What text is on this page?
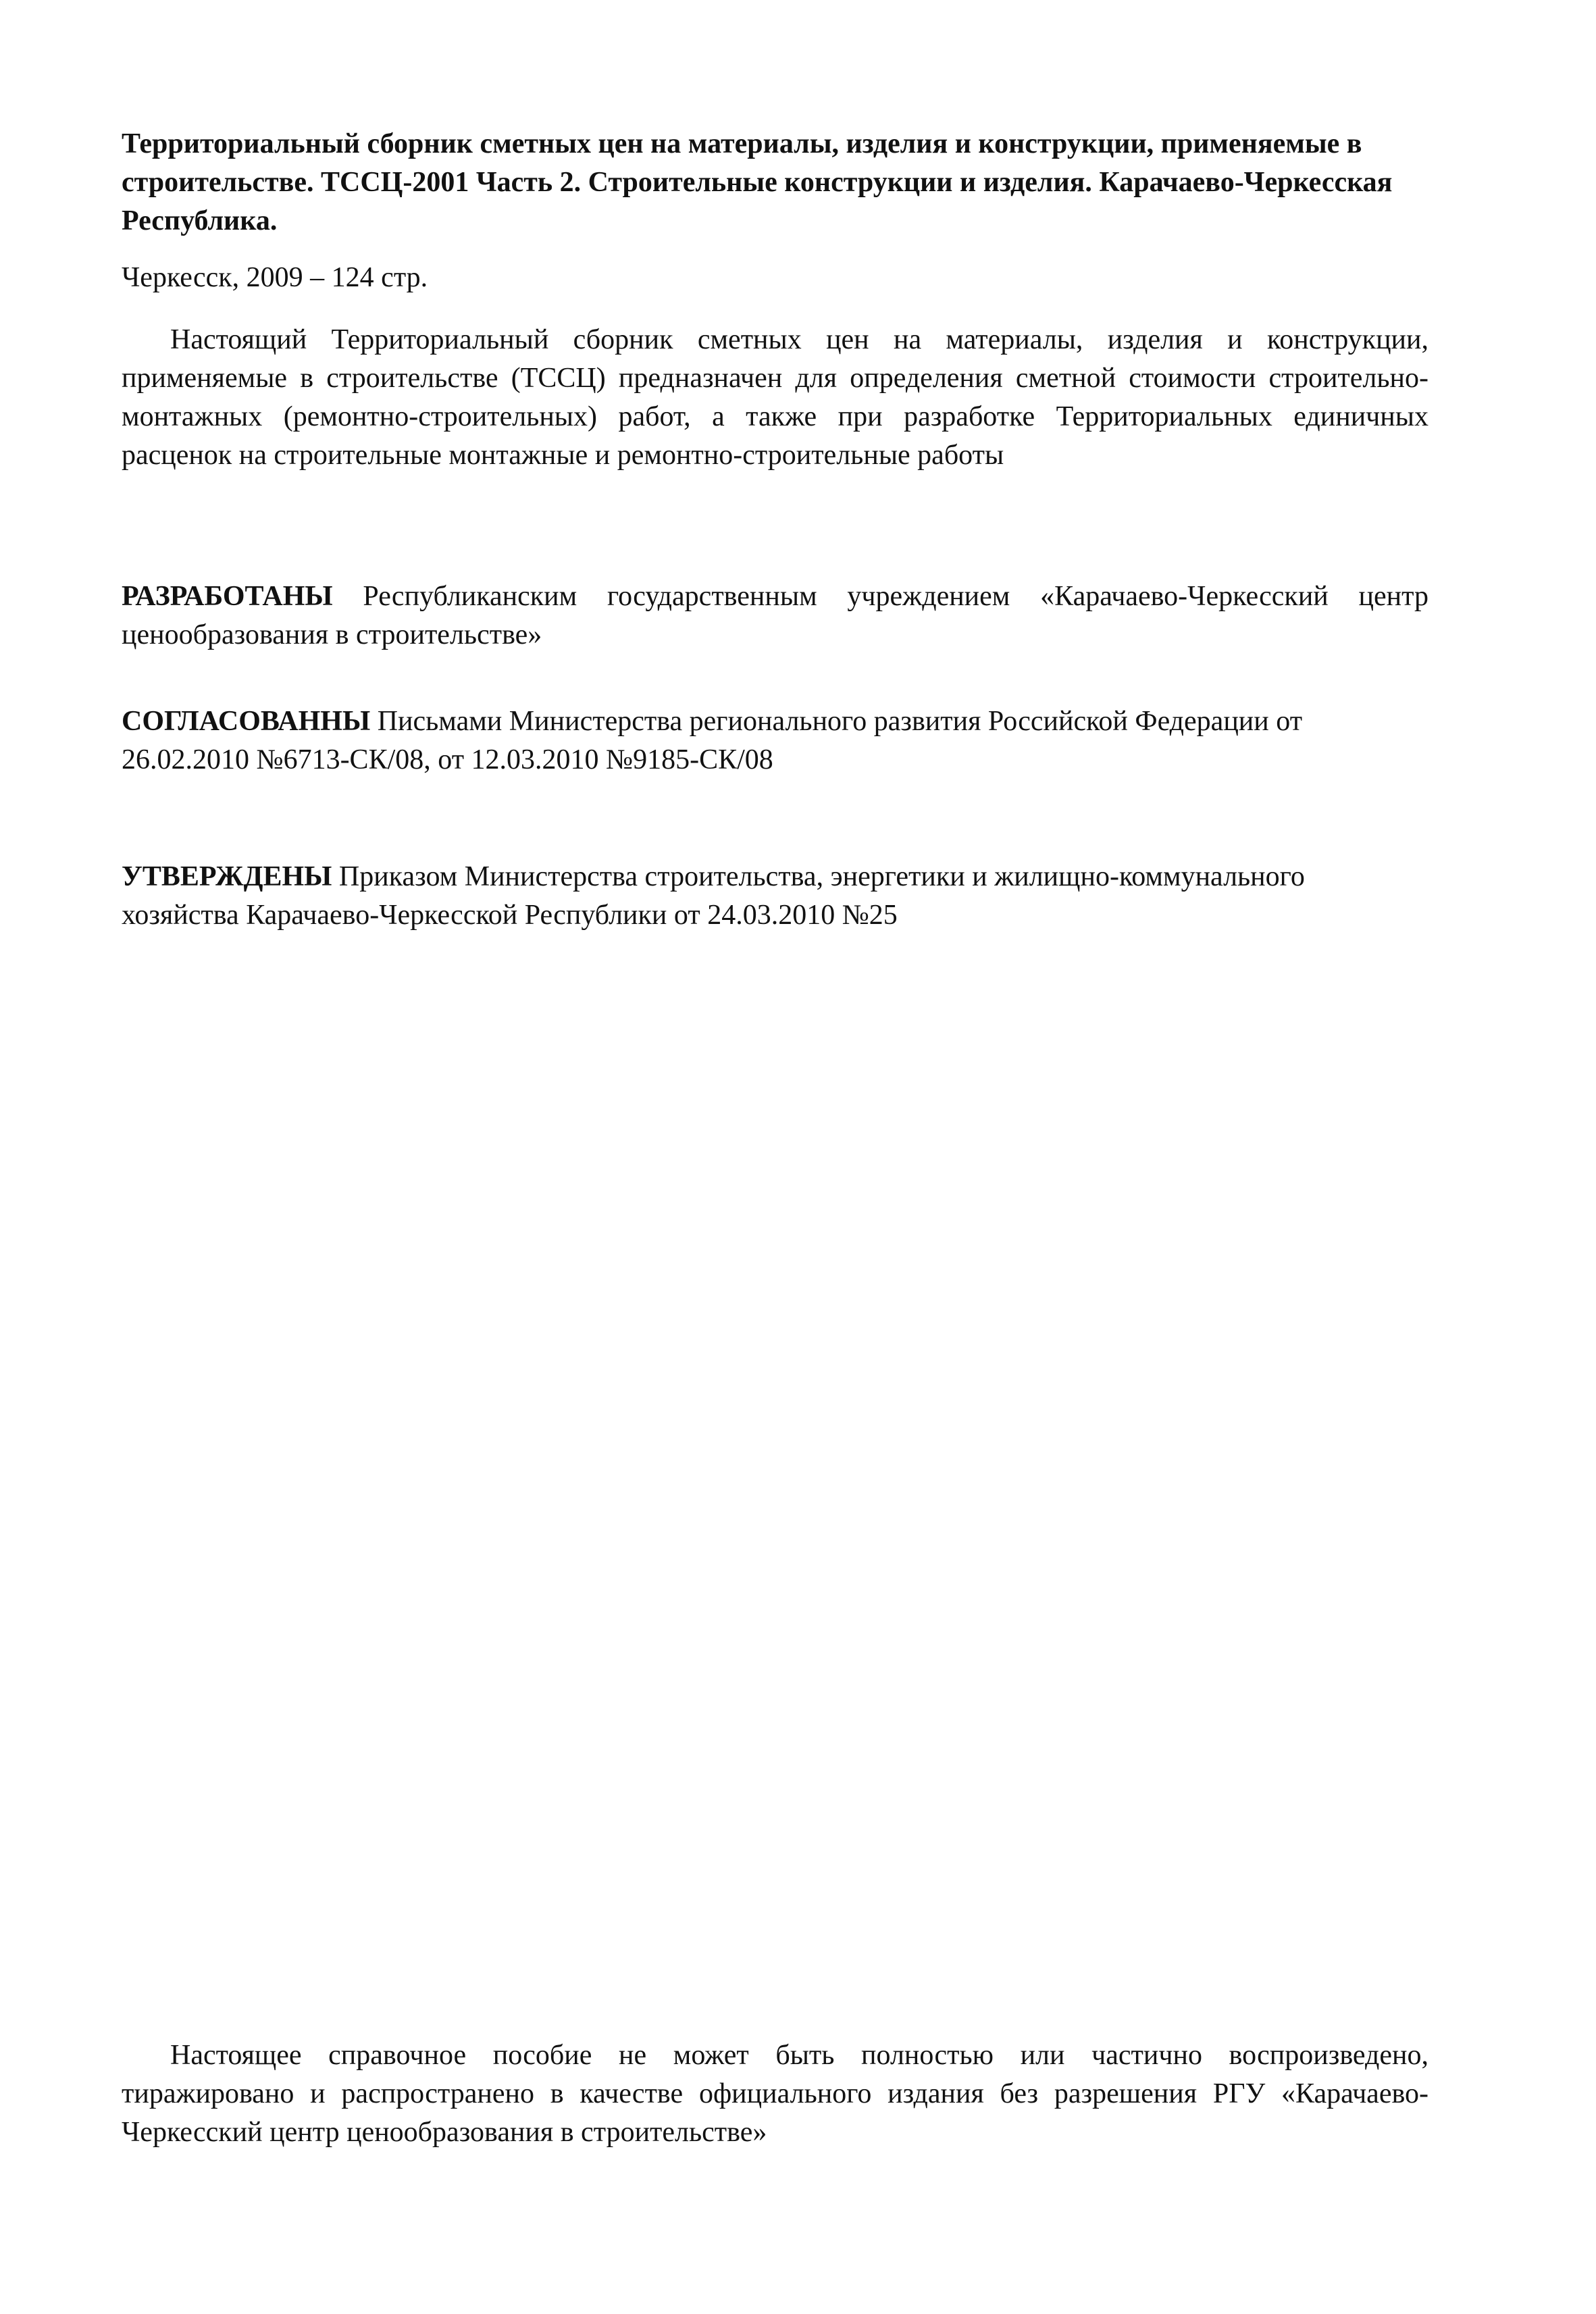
Территориальный сборник сметных цен на материалы, изделия и конструкции, применяемые в строительстве. ТССЦ-2001 Часть 2. Строительные конструкции и изделия. Карачаево-Черкесская Республика.

Черкесск, 2009 – 124 стр.

Настоящий Территориальный сборник сметных цен на материалы, изделия и конструкции, применяемые в строительстве (ТССЦ) предназначен для определения сметной стоимости строительно-монтажных (ремонтно-строительных) работ, а также при разработке Территориальных единичных расценок на строительные монтажные и ремонтно-строительные работы

РАЗРАБОТАНЫ Республиканским государственным учреждением «Карачаево-Черкесский центр ценообразования в строительстве»

СОГЛАСОВАННЫ Письмами Министерства регионального развития Российской Федерации от 26.02.2010 №6713-СК/08, от 12.03.2010 №9185-СК/08

УТВЕРЖДЕНЫ Приказом Министерства строительства, энергетики и жилищно-коммунального хозяйства Карачаево-Черкесской Республики от 24.03.2010 №25

Настоящее справочное пособие не может быть полностью или частично воспроизведено, тиражировано и распространено в качестве официального издания без разрешения РГУ «Карачаево-Черкесский центр ценообразования в строительстве»
